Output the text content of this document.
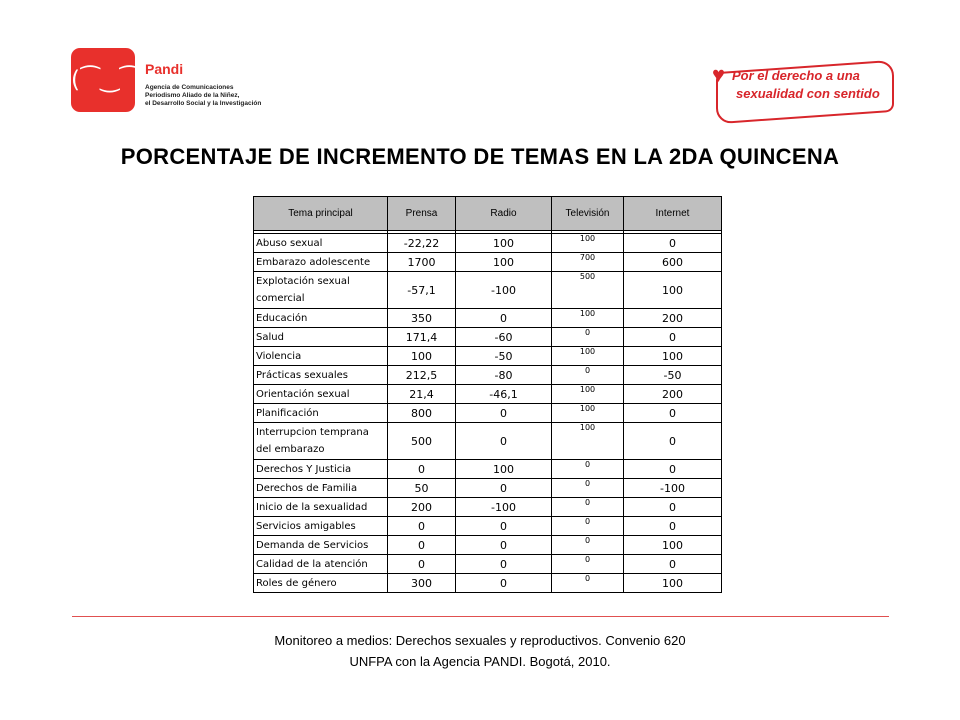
(⁀‿⁀)
Pandi
Agencia de Comunicaciones
Periodismo Aliado de la Niñez,
el Desarrollo Social y la Investigación
♥ Por el derecho a una
sexualidad con sentido
PORCENTAJE DE INCREMENTO DE TEMAS EN LA 2DA QUINCENA
Tema principal	Prensa	Radio	Televisión	Internet

Abuso sexual	-22,22	100	100	0
Embarazo adolescente	1700	100	700	600
Explotación sexual comercial	-57,1	-100	500	100
Educación	350	0	100	200
Salud	171,4	-60	0	0
Violencia	100	-50	100	100
Prácticas sexuales	212,5	-80	0	-50
Orientación sexual	21,4	-46,1	100	200
Planificación	800	0	100	0
Interrupcion temprana del embarazo	500	0	100	0
Derechos Y Justicia	0	100	0	0
Derechos de Familia	50	0	0	-100
Inicio de la sexualidad	200	-100	0	0
Servicios amigables	0	0	0	0
Demanda de Servicios	0	0	0	100
Calidad de la atención	0	0	0	0
Roles de género	300	0	0	100
Monitoreo a medios: Derechos sexuales y reproductivos. Convenio 620
UNFPA con la Agencia PANDI. Bogotá, 2010.
